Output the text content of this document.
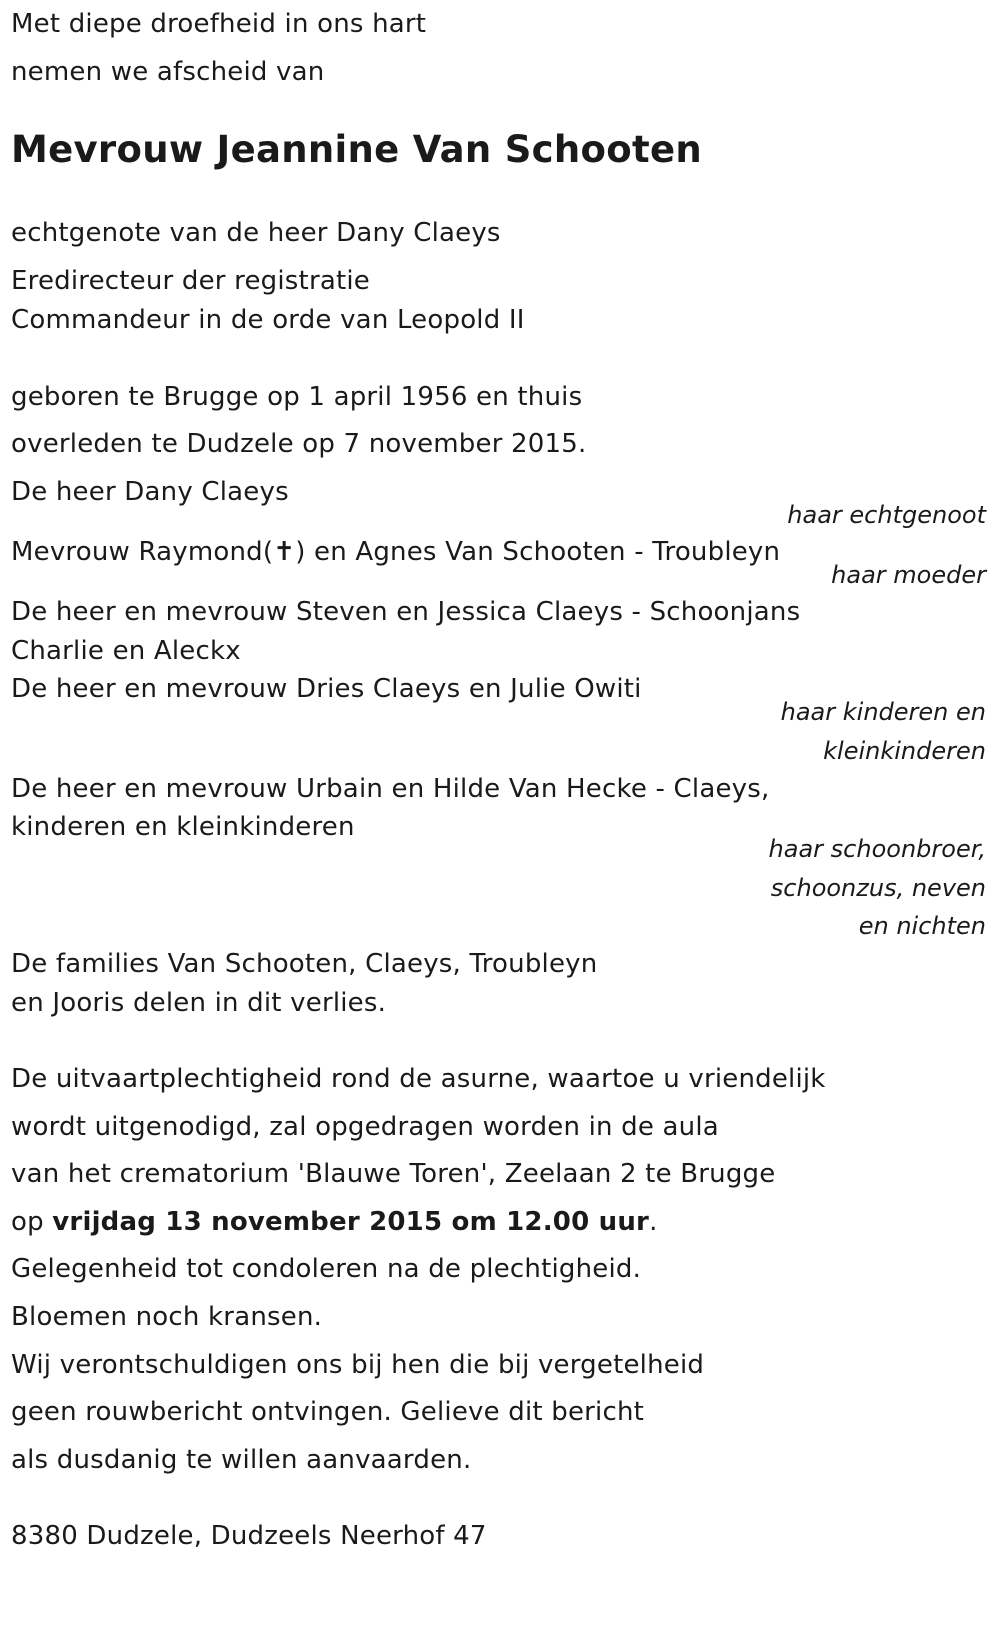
Met diepe droefheid in ons hart
nemen we afscheid van
Mevrouw Jeannine Van Schooten
echtgenote van de heer Dany Claeys
Eredirecteur der registratie
Commandeur in de orde van Leopold II
geboren te Brugge op 1 april 1956 en thuis
overleden te Dudzele op 7 november 2015.
De heer Dany Claeys
haar echtgenoot
Mevrouw Raymond(✝) en Agnes Van Schooten - Troubleyn
haar moeder
De heer en mevrouw Steven en Jessica Claeys - Schoonjans
Charlie en Aleckx
De heer en mevrouw Dries Claeys en Julie Owiti
haar kinderen en
kleinkinderen
De heer en mevrouw Urbain en Hilde Van Hecke - Claeys,
kinderen en kleinkinderen
haar schoonbroer,
schoonzus, neven
en nichten
De families Van Schooten, Claeys, Troubleyn
en Jooris delen in dit verlies.
De uitvaartplechtigheid rond de asurne, waartoe u vriendelijk
wordt uitgenodigd, zal opgedragen worden in de aula
van het crematorium 'Blauwe Toren', Zeelaan 2 te Brugge
op vrijdag 13 november 2015 om 12.00 uur.
Gelegenheid tot condoleren na de plechtigheid.
Bloemen noch kransen.
Wij verontschuldigen ons bij hen die bij vergetelheid
geen rouwbericht ontvingen. Gelieve dit bericht
als dusdanig te willen aanvaarden.
8380 Dudzele, Dudzeels Neerhof 47
